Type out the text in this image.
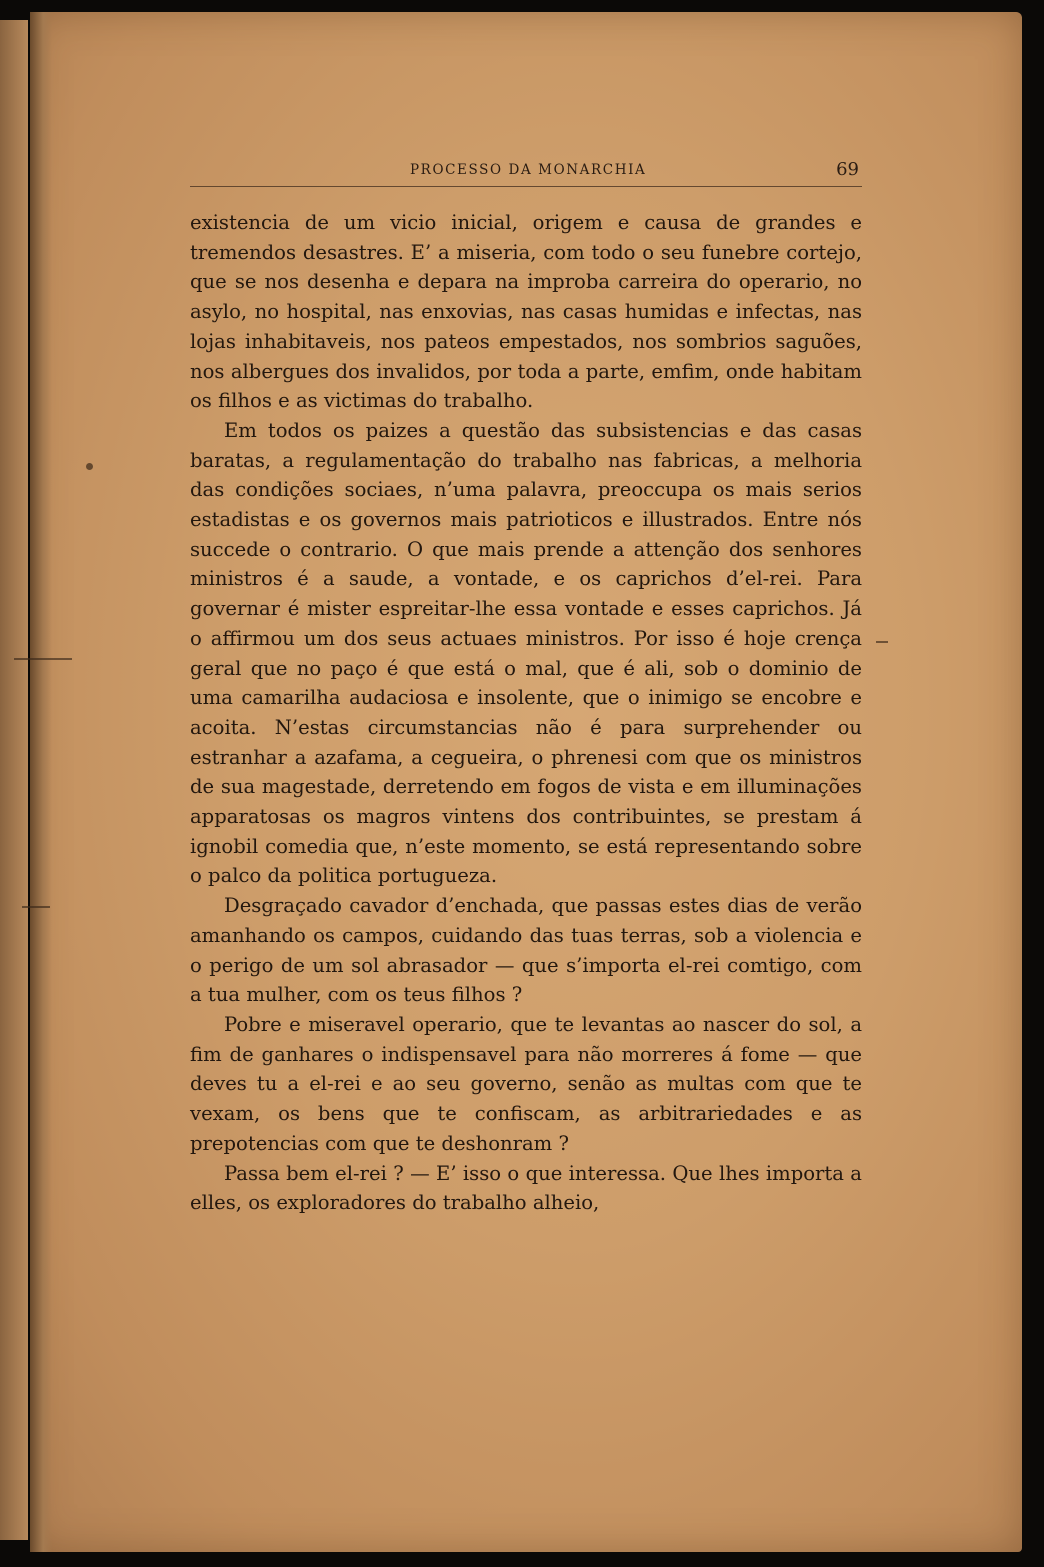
PROCESSO DA MONARCHIA	69

existencia de um vicio inicial, origem e causa de grandes e tremendos desastres. E’ a miseria, com todo o seu funebre cortejo, que se nos desenha e depara na improba carreira do operario, no asylo, no hospital, nas enxovias, nas casas humidas e infectas, nas lojas inhabitaveis, nos pateos empestados, nos sombrios saguões, nos albergues dos invalidos, por toda a parte, emfim, onde habitam os filhos e as victimas do trabalho.

Em todos os paizes a questão das subsistencias e das casas baratas, a regulamentação do trabalho nas fabricas, a melhoria das condições sociaes, n’uma palavra, preoccupa os mais serios estadistas e os governos mais patrioticos e illustrados. Entre nós succede o contrario. O que mais prende a attenção dos senhores ministros é a saude, a vontade, e os caprichos d’el-rei. Para governar é mister espreitar-lhe essa vontade e esses caprichos. Já o affirmou um dos seus actuaes ministros. Por isso é hoje crença geral que no paço é que está o mal, que é ali, sob o dominio de uma camarilha audaciosa e insolente, que o inimigo se encobre e acoita. N’estas circumstancias não é para surprehender ou estranhar a azafama, a cegueira, o phrenesi com que os ministros de sua magestade, derretendo em fogos de vista e em illuminações apparatosas os magros vintens dos contribuintes, se prestam á ignobil comedia que, n’este momento, se está representando sobre o palco da politica portugueza.

Desgraçado cavador d’enchada, que passas estes dias de verão amanhando os campos, cuidando das tuas terras, sob a violencia e o perigo de um sol abrasador — que s’importa el-rei comtigo, com a tua mulher, com os teus filhos ?

Pobre e miseravel operario, que te levantas ao nascer do sol, a fim de ganhares o indispensavel para não morreres á fome — que deves tu a el-rei e ao seu governo, senão as multas com que te vexam, os bens que te confiscam, as arbitrariedades e as prepotencias com que te deshonram ?

Passa bem el-rei ? — E’ isso o que interessa. Que lhes importa a elles, os exploradores do trabalho alheio,
